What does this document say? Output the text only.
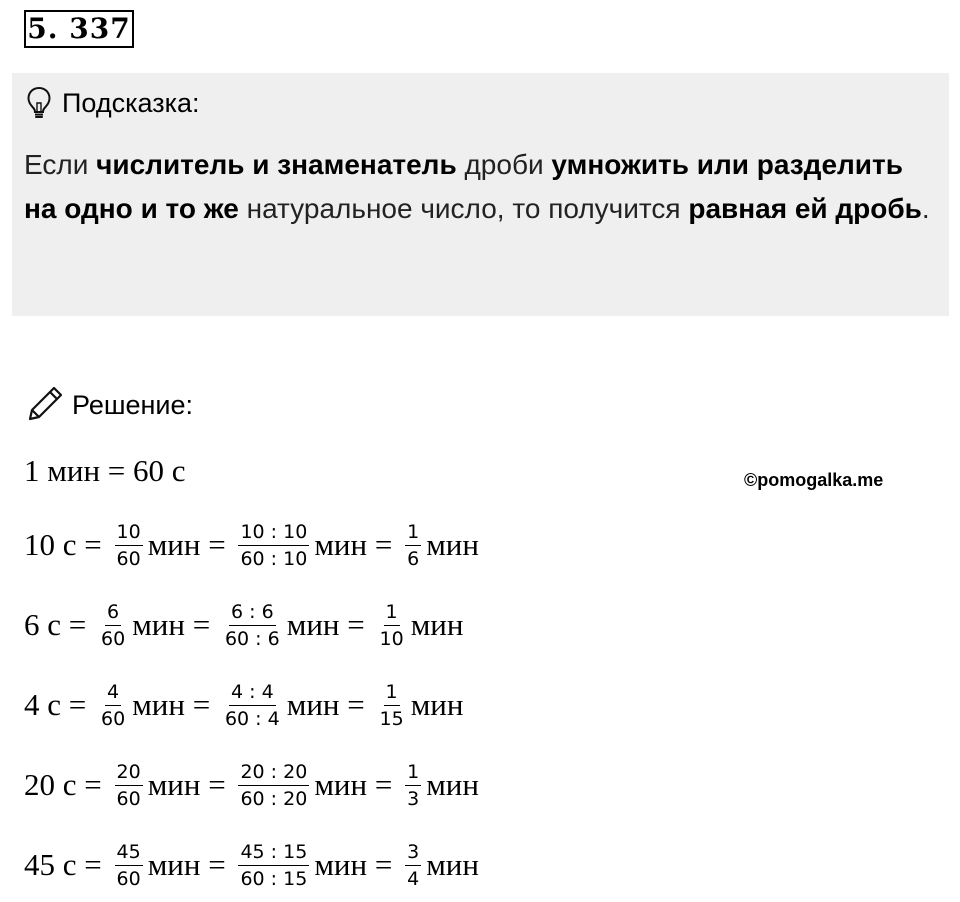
5. 337
Подсказка:
Если числитель и знаменатель дроби умножить или разделить на одно и то же натуральное число, то получится равная ей дробь.
Решение:
1 мин = 60 с	©pomogalka.me
10 $с = \frac{10}{60}$ мин = $\frac{10 : 10}{60 : 10}$ мин = $\frac{1}{6}$ мин
6 $с = \frac{6}{60}$ мин = $\frac{6 : 6}{60 : 6}$ мин = $\frac{1}{10}$ мин
4 $с = \frac{4}{60}$ мин = $\frac{4 : 4}{60 : 4}$ мин = $\frac{1}{15}$ мин
20 $с = \frac{20}{60}$ мин = $\frac{20 : 20}{60 : 20}$ мин = $\frac{1}{3}$ мин
45 $с = \frac{45}{60}$ мин = $\frac{45 : 15}{60 : 15}$ мин = $\frac{3}{4}$ мин
